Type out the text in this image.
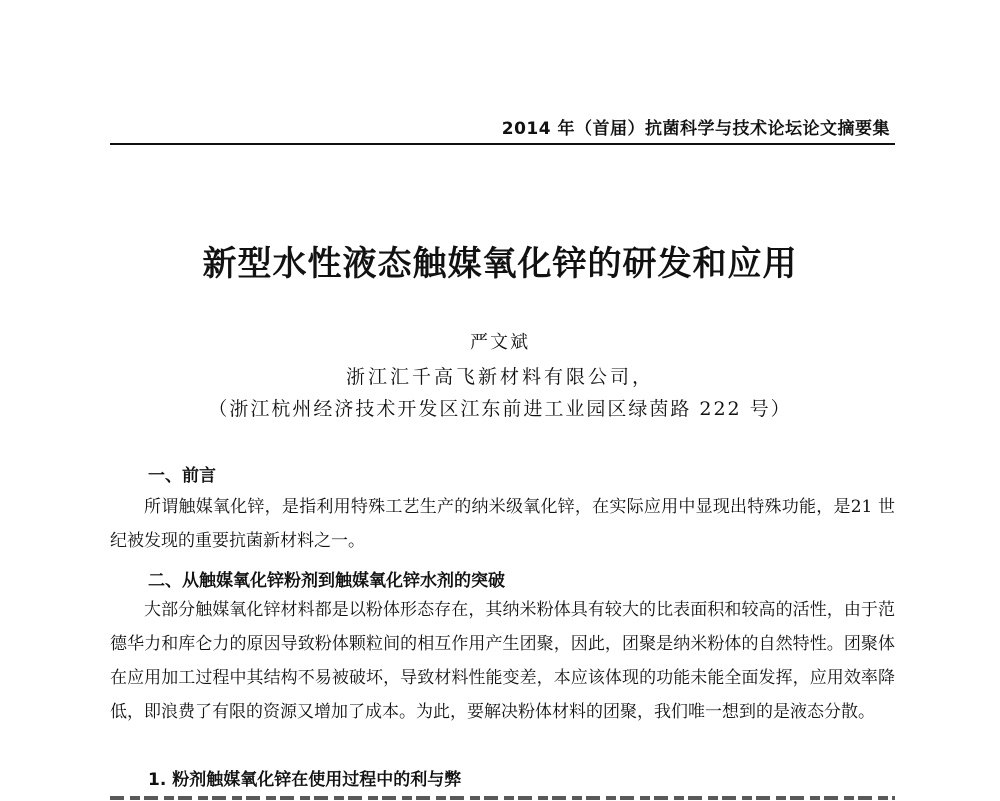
2014 年（首届）抗菌科学与技术论坛论文摘要集
新型水性液态触媒氧化锌的研发和应用
严文斌
浙江汇千高飞新材料有限公司，
（浙江杭州经济技术开发区江东前进工业园区绿茵路 222 号）
一、前言

所谓触媒氧化锌，是指利用特殊工艺生产的纳米级氧化锌，在实际应用中显现出特殊功能，是21 世纪被发现的重要抗菌新材料之一。

二、从触媒氧化锌粉剂到触媒氧化锌水剂的突破

大部分触媒氧化锌材料都是以粉体形态存在，其纳米粉体具有较大的比表面积和较高的活性，由于范德华力和库仑力的原因导致粉体颗粒间的相互作用产生团聚，因此，团聚是纳米粉体的自然特性。团聚体在应用加工过程中其结构不易被破坏，导致材料性能变差，本应该体现的功能未能全面发挥，应用效率降低，即浪费了有限的资源又增加了成本。为此，要解决粉体材料的团聚，我们唯一想到的是液态分散。

1. 粉剂触媒氧化锌在使用过程中的利与弊
